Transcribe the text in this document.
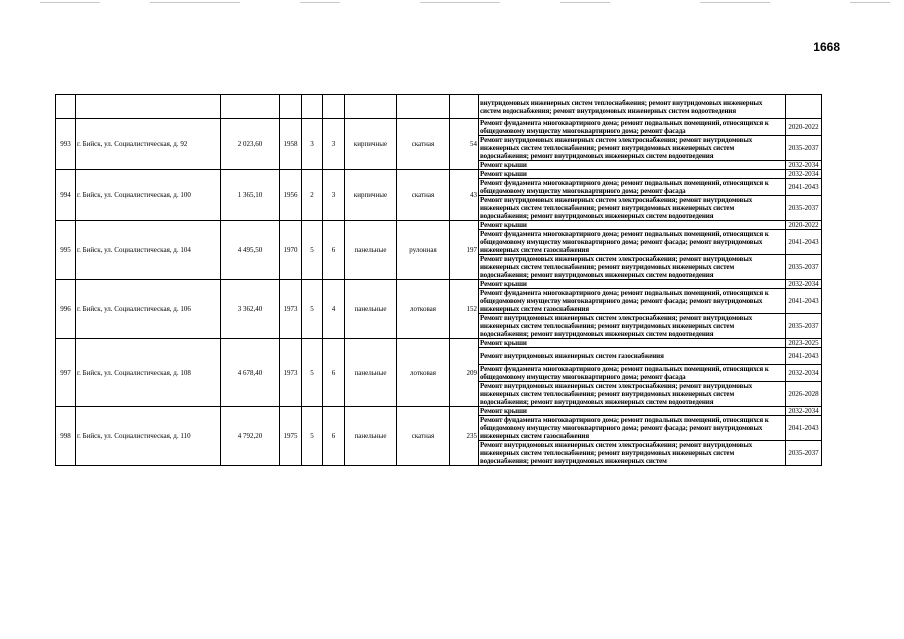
1668
									внутридомовых инженерных систем теплоснабжения; ремонт внутридомовых инженерных систем водоснабжения; ремонт внутридомовых инженерных систем водоотведения	
993	г. Бийск, ул. Социалистическая, д. 92	2 023,60	1958	3	3	кирпичные	скатная	54	Ремонт фундамента многоквартирного дома; ремонт подвальных помещений, относящихся к общедомовому имуществу многоквартирного дома; ремонт фасада	2020-2022
									Ремонт внутридомовых инженерных систем электроснабжения; ремонт внутридомовых инженерных систем теплоснабжения; ремонт внутридомовых инженерных систем водоснабжения; ремонт внутридомовых инженерных систем водоотведения	2035-2037
									Ремонт крыши	2032-2034
994	г. Бийск, ул. Социалистическая, д. 100	1 365,10	1956	2	3	кирпичные	скатная	43	Ремонт крыши	2032-2034
									Ремонт фундамента многоквартирного дома; ремонт подвальных помещений, относящихся к общедомовому имуществу многоквартирного дома; ремонт фасада	2041-2043
									Ремонт внутридомовых инженерных систем электроснабжения; ремонт внутридомовых инженерных систем теплоснабжения; ремонт внутридомовых инженерных систем водоснабжения; ремонт внутридомовых инженерных систем водоотведения	2035-2037
995	г. Бийск, ул. Социалистическая, д. 104	4 495,50	1970	5	6	панельные	рулонная	197	Ремонт крыши	2020-2022
									Ремонт фундамента многоквартирного дома; ремонт подвальных помещений, относящихся к общедомовому имуществу многоквартирного дома; ремонт фасада; ремонт внутридомовых инженерных систем газоснабжения	2041-2043
									Ремонт внутридомовых инженерных систем электроснабжения; ремонт внутридомовых инженерных систем теплоснабжения; ремонт внутридомовых инженерных систем водоснабжения; ремонт внутридомовых инженерных систем водоотведения	2035-2037
996	г. Бийск, ул. Социалистическая, д. 106	3 362,40	1973	5	4	панельные	лотковая	152	Ремонт крыши	2032-2034
									Ремонт фундамента многоквартирного дома; ремонт подвальных помещений, относящихся к общедомовому имуществу многоквартирного дома; ремонт фасада; ремонт внутридомовых инженерных систем газоснабжения	2041-2043
									Ремонт внутридомовых инженерных систем электроснабжения; ремонт внутридомовых инженерных систем теплоснабжения; ремонт внутридомовых инженерных систем водоснабжения; ремонт внутридомовых инженерных систем водоотведения	2035-2037
997	г. Бийск, ул. Социалистическая, д. 108	4 678,40	1973	5	6	панельные	лотковая	209	Ремонт крыши	2023-2025
									Ремонт внутридомовых инженерных систем газоснабжения	2041-2043
									Ремонт фундамента многоквартирного дома; ремонт подвальных помещений, относящихся к общедомовому имуществу многоквартирного дома; ремонт фасада	2032-2034
									Ремонт внутридомовых инженерных систем электроснабжения; ремонт внутридомовых инженерных систем теплоснабжения; ремонт внутридомовых инженерных систем водоснабжения; ремонт внутридомовых инженерных систем водоотведения	2026-2028
998	г. Бийск, ул. Социалистическая, д. 110	4 792,20	1975	5	6	панельные	скатная	235	Ремонт крыши	2032-2034
									Ремонт фундамента многоквартирного дома; ремонт подвальных помещений, относящихся к общедомовому имуществу многоквартирного дома; ремонт фасада; ремонт внутридомовых инженерных систем газоснабжения	2041-2043
									Ремонт внутридомовых инженерных систем электроснабжения; ремонт внутридомовых инженерных систем теплоснабжения; ремонт внутридомовых инженерных систем водоснабжения; ремонт внутридомовых инженерных систем	2035-2037
